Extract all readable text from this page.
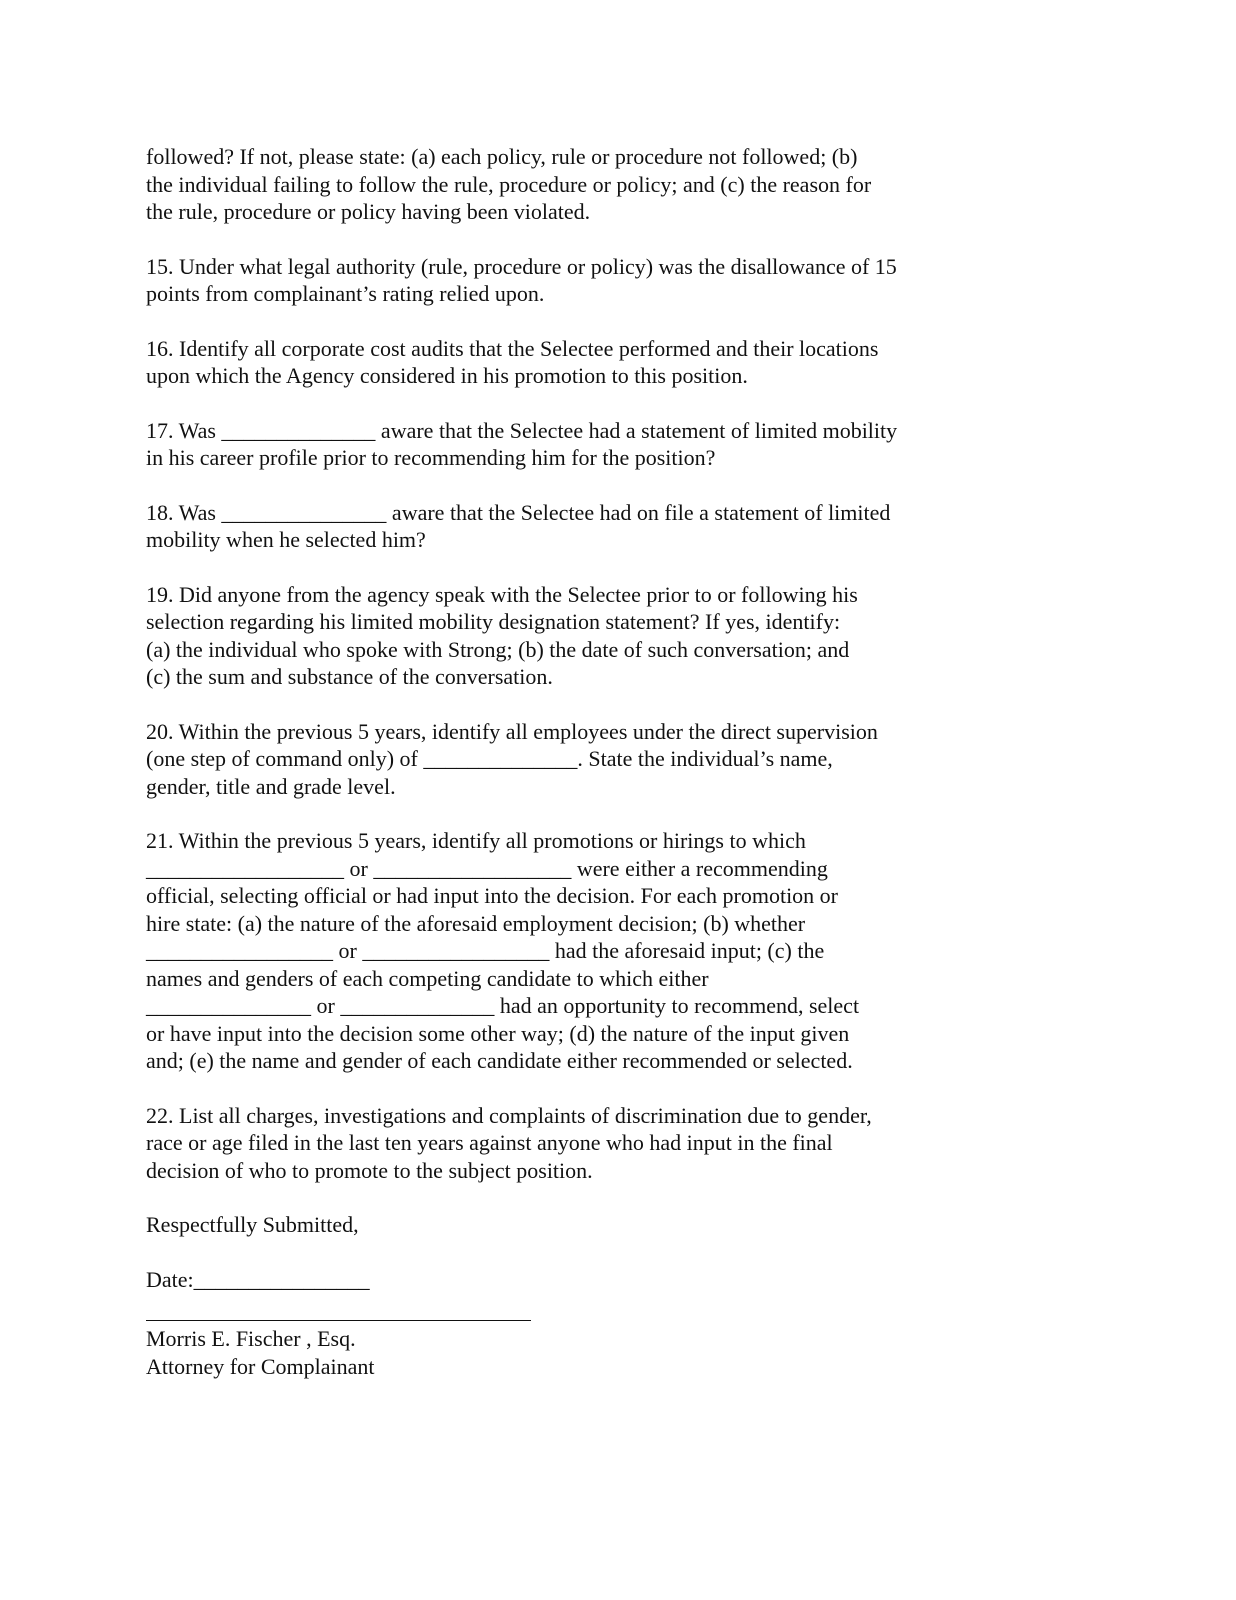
followed? If not, please state: (a) each policy, rule or procedure not followed; (b)
the individual failing to follow the rule, procedure or policy; and (c) the reason for
the rule, procedure or policy having been violated.
15. Under what legal authority (rule, procedure or policy) was the disallowance of 15
points from complainant’s rating relied upon.
16. Identify all corporate cost audits that the Selectee performed and their locations
upon which the Agency considered in his promotion to this position.
17. Was ______________ aware that the Selectee had a statement of limited mobility
in his career profile prior to recommending him for the position?
18. Was _______________ aware that the Selectee had on file a statement of limited
mobility when he selected him?
19. Did anyone from the agency speak with the Selectee prior to or following his
selection regarding his limited mobility designation statement? If yes, identify:
(a) the individual who spoke with Strong; (b) the date of such conversation; and
(c) the sum and substance of the conversation.
20. Within the previous 5 years, identify all employees under the direct supervision
(one step of command only) of ______________. State the individual’s name,
gender, title and grade level.
21. Within the previous 5 years, identify all promotions or hirings to which
__________________ or __________________ were either a recommending
official, selecting official or had input into the decision. For each promotion or
hire state: (a) the nature of the aforesaid employment decision; (b) whether
_________________ or _________________ had the aforesaid input; (c) the
names and genders of each competing candidate to which either
_______________ or ______________ had an opportunity to recommend, select
or have input into the decision some other way; (d) the nature of the input given
and; (e) the name and gender of each candidate either recommended or selected.
22. List all charges, investigations and complaints of discrimination due to gender,
race or age filed in the last ten years against anyone who had input in the final
decision of who to promote to the subject position.
Respectfully Submitted,
Date:________________
Morris E. Fischer , Esq.
Attorney for Complainant
